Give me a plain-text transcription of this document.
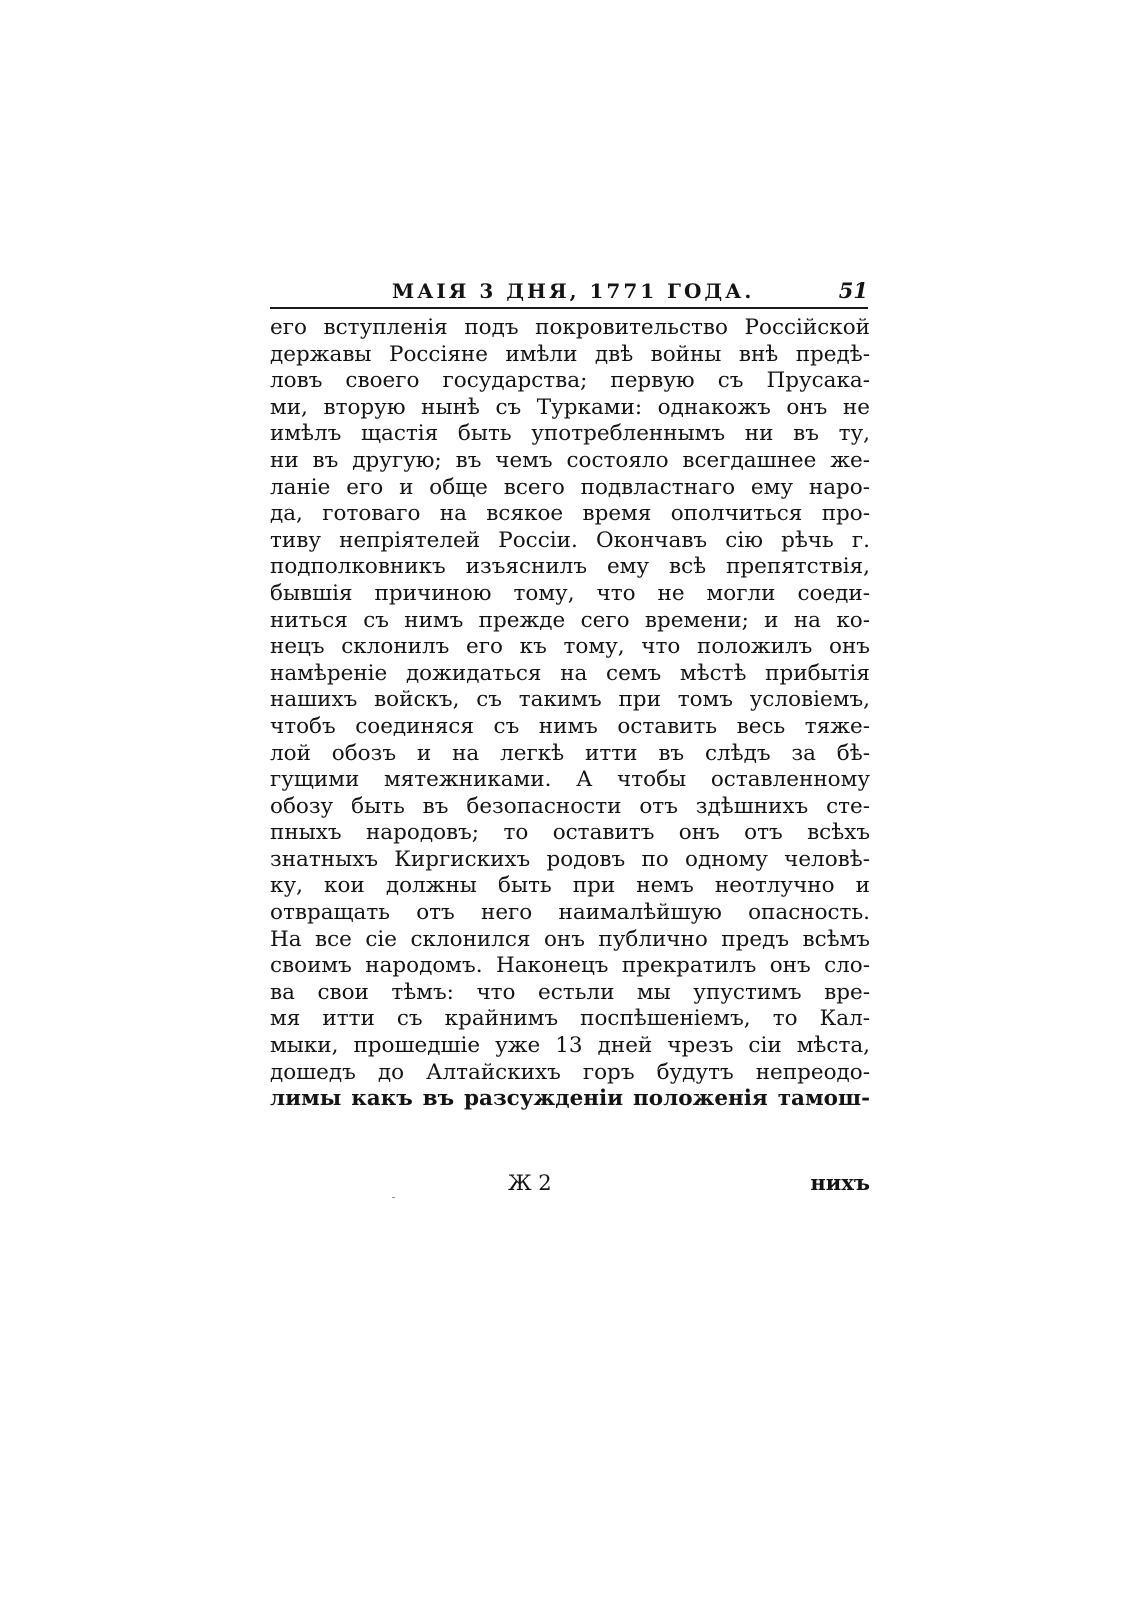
МАІЯ 3 ДНЯ, 1771 ГОДА.	51
его вступленія подъ покровительство Россійской
державы Россіяне имѣли двѣ войны внѣ предѣ-
ловъ своего государства; первую съ Прусака-
ми, вторую нынѣ съ Турками: однакожъ онъ не
имѣлъ щастія быть употребленнымъ ни въ ту,
ни въ другую; въ чемъ состояло всегдашнее же-
ланіе его и обще всего подвластнаго ему наро-
да, готоваго на всякое время ополчиться про-
тиву непріятелей Россіи. Окончавъ сію рѣчь г.
подполковникъ изъяснилъ ему всѣ препятствія,
бывшія причиною тому, что не могли соеди-
ниться съ нимъ прежде сего времени; и на ко-
нецъ склонилъ его къ тому, что положилъ онъ
намѣреніе дожидаться на семъ мѣстѣ прибытія
нашихъ войскъ, съ такимъ при томъ условіемъ,
чтобъ соединяся съ нимъ оставить весь тяже-
лой обозъ и на легкѣ итти въ слѣдъ за бѣ-
гущими мятежниками. А чтобы оставленному
обозу быть въ безопасности отъ здѣшнихъ сте-
пныхъ народовъ; то оставитъ онъ отъ всѣхъ
знатныхъ Киргискихъ родовъ по одному человѣ-
ку, кои должны быть при немъ неотлучно и
отвращать отъ него наималѣйшую опасность.
На все сіе склонился онъ публично предъ всѣмъ
своимъ народомъ. Наконецъ прекратилъ онъ сло-
ва свои тѣмъ: что естьли мы упустимъ вре-
мя итти съ крайнимъ поспѣшеніемъ, то Кал-
мыки, прошедшіе уже 13 дней чрезъ сіи мѣста,
дошедъ до Алтайскихъ горъ будутъ непреодо-
лимы какъ въ разсужденіи положенія тамош-
Ж 2	нихъ
